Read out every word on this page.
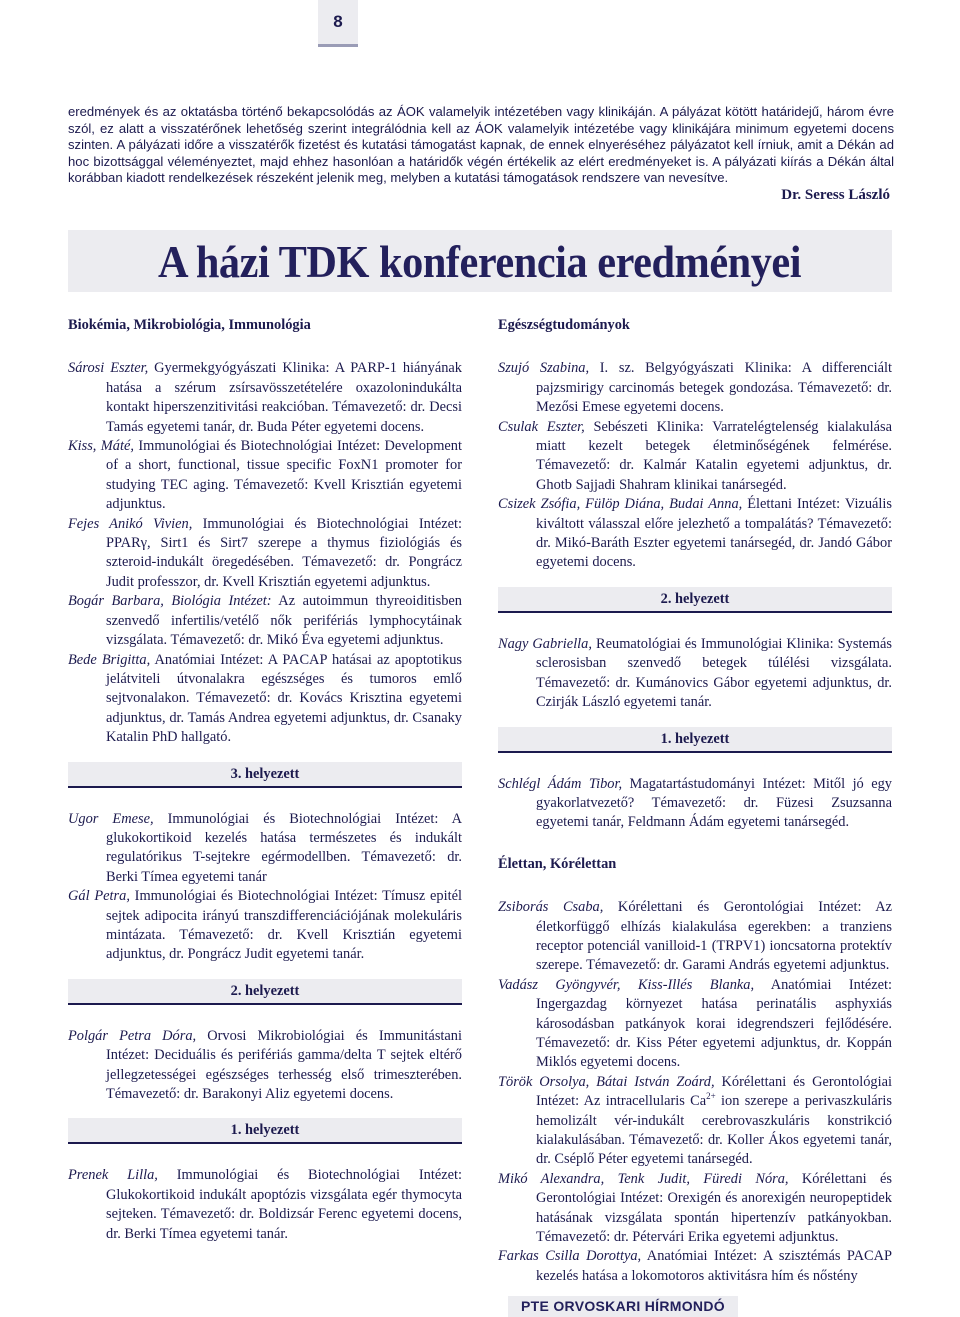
8

eredmények és az oktatásba történő bekapcsolódás az ÁOK valamelyik intézetében vagy klinikáján. A pályázat kötött határidejű, három évre szól, ez alatt a visszatérőnek lehetőség szerint integrálódnia kell az ÁOK valamelyik intézetébe vagy klinikájára minimum egyetemi docens szinten. A pályázati időre a visszatérők fizetést és kutatási támogatást kapnak, de ennek elnyeréséhez pályázatot kell írniuk, amit a Dékán ad hoc bizottsággal véleményeztet, majd ehhez hasonlóan a határidők végén értékelik az elért eredményeket is. A pályázati kiírás a Dékán által korábban kiadott rendelkezések részeként jelenik meg, melyben a kutatási támogatások rendszere van nevesítve.

Dr. Seress László
A házi TDK konferencia eredményei
Biokémia, Mikrobiológia, Immunológia

Sárosi Eszter, Gyermekgyógyászati Klinika: A PARP-1 hiányának hatása a szérum zsírsavösszetételére oxazolonindukálta kontakt hiperszenzitivitási reakcióban. Témavezető: dr. Decsi Tamás egyetemi tanár, dr. Buda Péter egyetemi docens.

Kiss, Máté, Immunológiai és Biotechnológiai Intézet: Development of a short, functional, tissue specific FoxN1 promoter for studying TEC aging. Témavezető: Kvell Krisztián egyetemi adjunktus.

Fejes Anikó Vivien, Immunológiai és Biotechnológiai Intézet: PPARγ, Sirt1 és Sirt7 szerepe a thymus fiziológiás és szteroid-indukált öregedésében. Témavezető: dr. Pongrácz Judit professzor, dr. Kvell Krisztián egyetemi adjunktus.

Bogár Barbara, Biológia Intézet: Az autoimmun thyreoiditisben szenvedő infertilis/vetélő nők perifériás lymphocytáinak vizsgálata. Témavezető: dr. Mikó Éva egyetemi adjunktus.

Bede Brigitta, Anatómiai Intézet: A PACAP hatásai az apoptotikus jelátviteli útvonalakra egészséges és tumoros emlő sejtvonalakon. Témavezető: dr. Kovács Krisztina egyetemi adjunktus, dr. Tamás Andrea egyetemi adjunktus, dr. Csanaky Katalin PhD hallgató.

3. helyezett

Ugor Emese, Immunológiai és Biotechnológiai Intézet: A glukokortikoid kezelés hatása természetes és indukált regulatórikus T-sejtekre egérmodellben. Témavezető: dr. Berki Tímea egyetemi tanár

Gál Petra, Immunológiai és Biotechnológiai Intézet: Tímusz epitél sejtek adipocita irányú transzdifferenciációjának molekuláris mintázata. Témavezető: dr. Kvell Krisztián egyetemi adjunktus, dr. Pongrácz Judit egyetemi tanár.

2. helyezett

Polgár Petra Dóra, Orvosi Mikrobiológiai és Immunitástani Intézet: Deciduális és perifériás gamma/delta T sejtek eltérő jellegzetességei egészséges terhesség első trimeszterében. Témavezető: dr. Barakonyi Aliz egyetemi docens.

1. helyezett

Prenek Lilla, Immunológiai és Biotechnológiai Intézet: Glukokortikoid indukált apoptózis vizsgálata egér thymocyta sejteken. Témavezető: dr. Boldizsár Ferenc egyetemi docens, dr. Berki Tímea egyetemi tanár.

Egészségtudományok

Szujó Szabina, I. sz. Belgyógyászati Klinika: A differenciált pajzsmirigy carcinomás betegek gondozása. Témavezető: dr. Mezősi Emese egyetemi docens.

Csulak Eszter, Sebészeti Klinika: Varratelégtelenség kialakulása miatt kezelt betegek életminőségének felmérése. Témavezető: dr. Kalmár Katalin egyetemi adjunktus, dr. Ghotb Sajjadi Shahram klinikai tanársegéd.

Csizek Zsófia, Fülöp Diána, Budai Anna, Élettani Intézet: Vizuális kiváltott válasszal előre jelezhető a tompalátás? Témavezető: dr. Mikó-Baráth Eszter egyetemi tanársegéd, dr. Jandó Gábor egyetemi docens.

2. helyezett

Nagy Gabriella, Reumatológiai és Immunológiai Klinika: Systemás sclerosisban szenvedő betegek túlélési vizsgálata. Témavezető: dr. Kumánovics Gábor egyetemi adjunktus, dr. Czirják László egyetemi tanár.

1. helyezett

Schlégl Ádám Tibor, Magatartástudományi Intézet: Mitől jó egy gyakorlatvezető? Témavezető: dr. Füzesi Zsuzsanna egyetemi tanár, Feldmann Ádám egyetemi tanársegéd.

Élettan, Kórélettan

Zsiborás Csaba, Kórélettani és Gerontológiai Intézet: Az életkorfüggő elhízás kialakulása egerekben: a tranziens receptor potenciál vanilloid-1 (TRPV1) ioncsatorna protektív szerepe. Témavezető: dr. Garami András egyetemi adjunktus.

Vadász Gyöngyvér, Kiss-Illés Blanka, Anatómiai Intézet: Ingergazdag környezet hatása perinatális asphyxiás károsodásban patkányok korai idegrendszeri fejlődésére. Témavezető: dr. Kiss Péter egyetemi adjunktus, dr. Koppán Miklós egyetemi docens.

Török Orsolya, Bátai István Zoárd, Kórélettani és Gerontológiai Intézet: Az intracellularis $Ca^{2+}$ ion szerepe a perivaszkuláris hemolizált vér-indukált cerebrovaszkuláris konstrikció kialakulásában. Témavezető: dr. Koller Ákos egyetemi tanár, dr. Cséplő Péter egyetemi tanársegéd.

Mikó Alexandra, Tenk Judit, Füredi Nóra, Kórélettani és Gerontológiai Intézet: Orexigén és anorexigén neuropeptidek hatásának vizsgálata spontán hipertenzív patkányokban. Témavezető: dr. Pétervári Erika egyetemi adjunktus.

Farkas Csilla Dorottya, Anatómiai Intézet: A szisztémás PACAP kezelés hatása a lokomotoros aktivitásra hím és nőstény

PTE ORVOSKARI HÍRMONDÓ
